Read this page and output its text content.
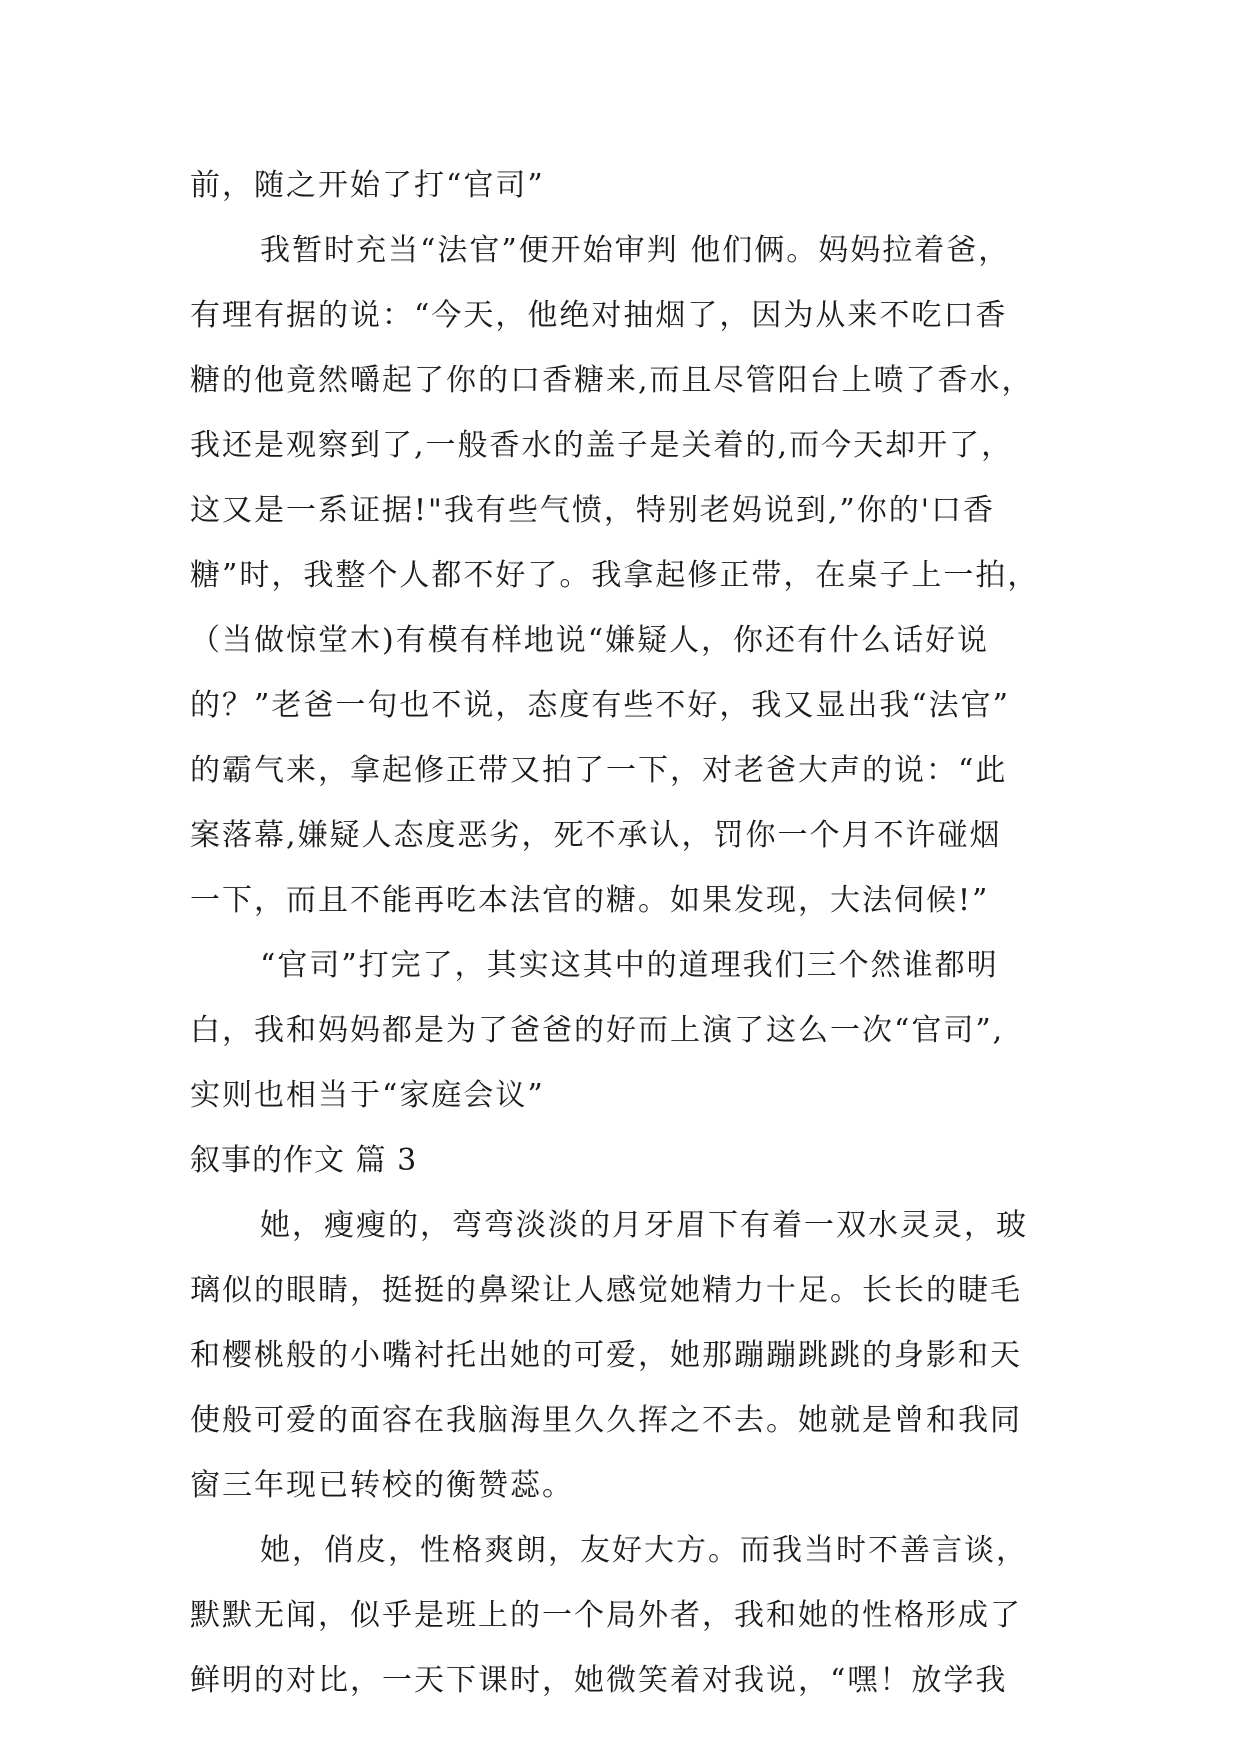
前，随之开始了打“官司”
我暂时充当“法官”便开始审判 他们俩。妈妈拉着爸，
有理有据的说：“今天，他绝对抽烟了，因为从来不吃口香
糖的他竟然嚼起了你的口香糖来,而且尽管阳台上喷了香水，
我还是观察到了,一般香水的盖子是关着的,而今天却开了，
这又是一系证据!"我有些气愤，特别老妈说到,”你的'口香
糖”时，我整个人都不好了。我拿起修正带，在桌子上一拍，
（当做惊堂木)有模有样地说“嫌疑人，你还有什么话好说
的？”老爸一句也不说，态度有些不好，我又显出我“法官”
的霸气来，拿起修正带又拍了一下，对老爸大声的说：“此
案落幕,嫌疑人态度恶劣，死不承认，罚你一个月不许碰烟
一下，而且不能再吃本法官的糖。如果发现，大法伺候!”
“官司”打完了，其实这其中的道理我们三个然谁都明
白，我和妈妈都是为了爸爸的好而上演了这么一次“官司”,
实则也相当于“家庭会议”
叙事的作文 篇 3
她，瘦瘦的，弯弯淡淡的月牙眉下有着一双水灵灵，玻
璃似的眼睛，挺挺的鼻梁让人感觉她精力十足。长长的睫毛
和樱桃般的小嘴衬托出她的可爱，她那蹦蹦跳跳的身影和天
使般可爱的面容在我脑海里久久挥之不去。她就是曾和我同
窗三年现已转校的衡赞蕊。
她，俏皮，性格爽朗，友好大方。而我当时不善言谈，
默默无闻，似乎是班上的一个局外者，我和她的性格形成了
鲜明的对比，一天下课时，她微笑着对我说，“嘿！放学我
